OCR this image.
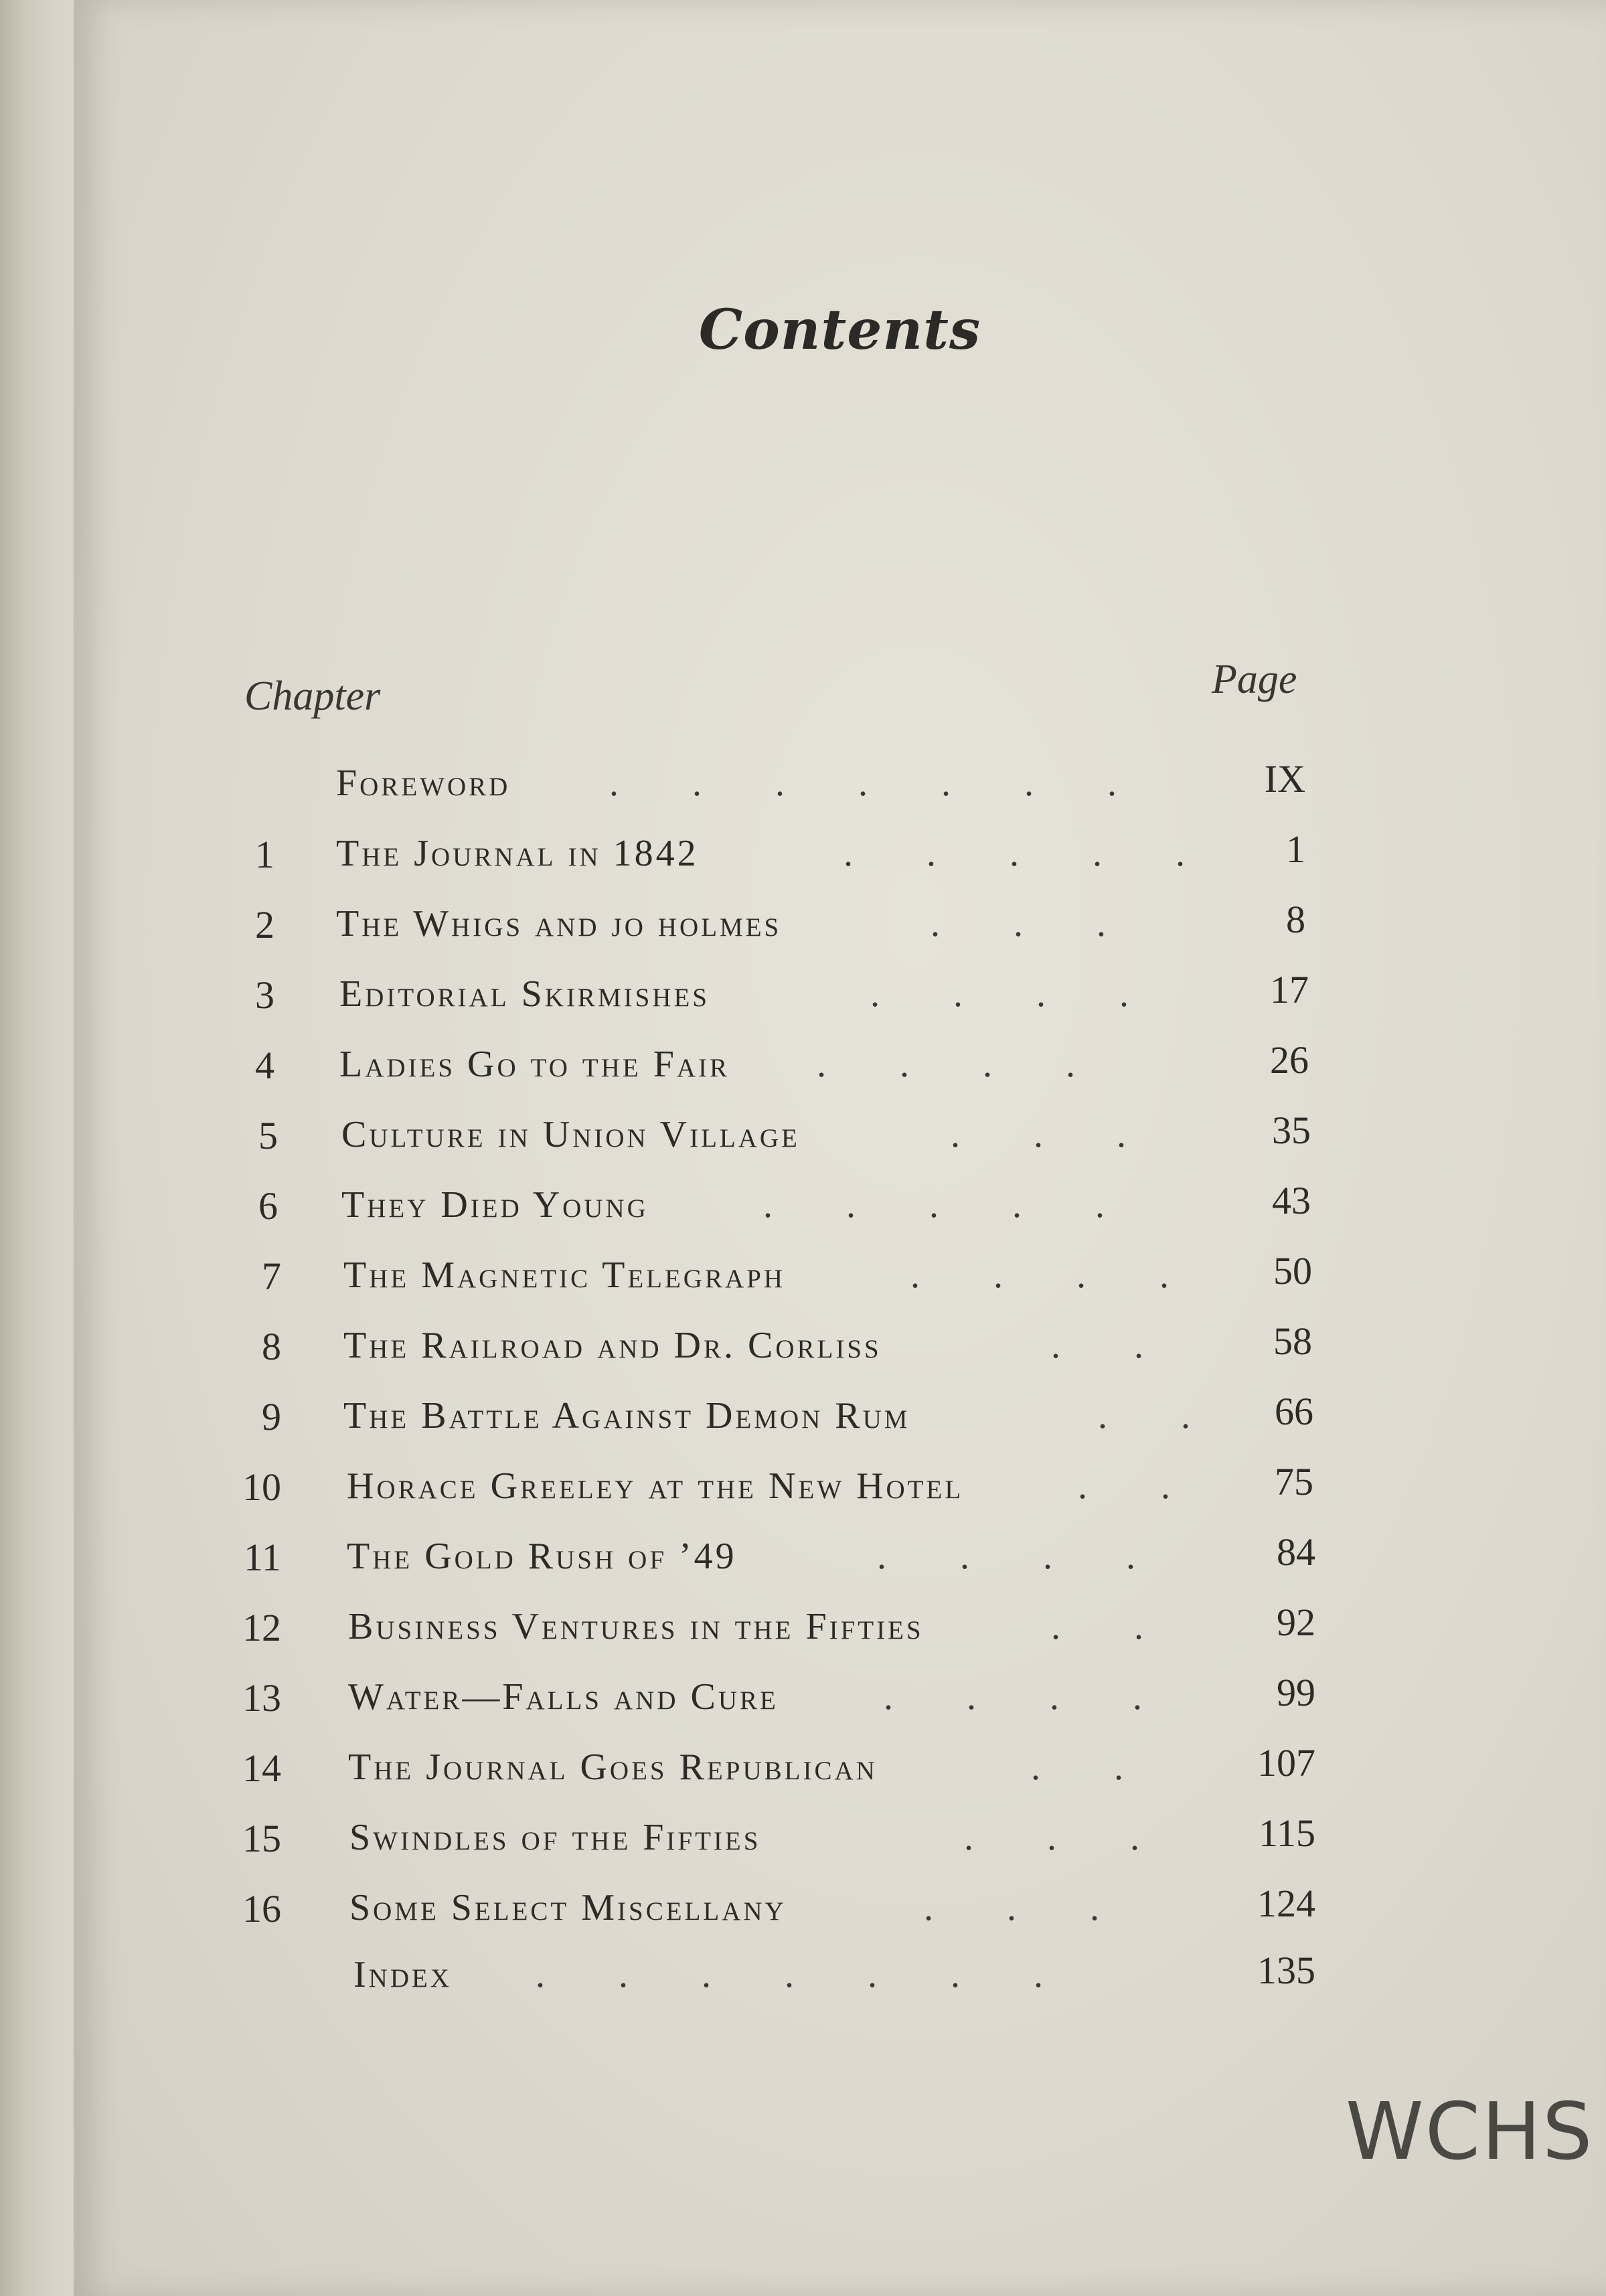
Contents
Chapter	Page
Foreword	.......	IX
1 The Journal in 1842	..... 1
2 The Whigs and jo holmes	...	8
3 Editorial Skirmishes	....	17
4 Ladies Go to the Fair ....	26
5 Culture in Union Village	...	35
6 They Died Young	.....	43
7 The Magnetic Telegraph	.... 50
8 The Railroad and Dr. Corliss	..	58
9 The Battle Against Demon Rum	.. 66
10 Horace Greeley at the New Hotel	.. 75
11 The Gold Rush of ’49	....	84
12 Business Ventures in the Fifties	..	92
13 Water—Falls and Cure	....	99
14 The Journal Goes Republican	..	107
15 Swindles of the Fifties	...	115
16 Some Select Miscellany	...	124
Index .......	135
WCHS
